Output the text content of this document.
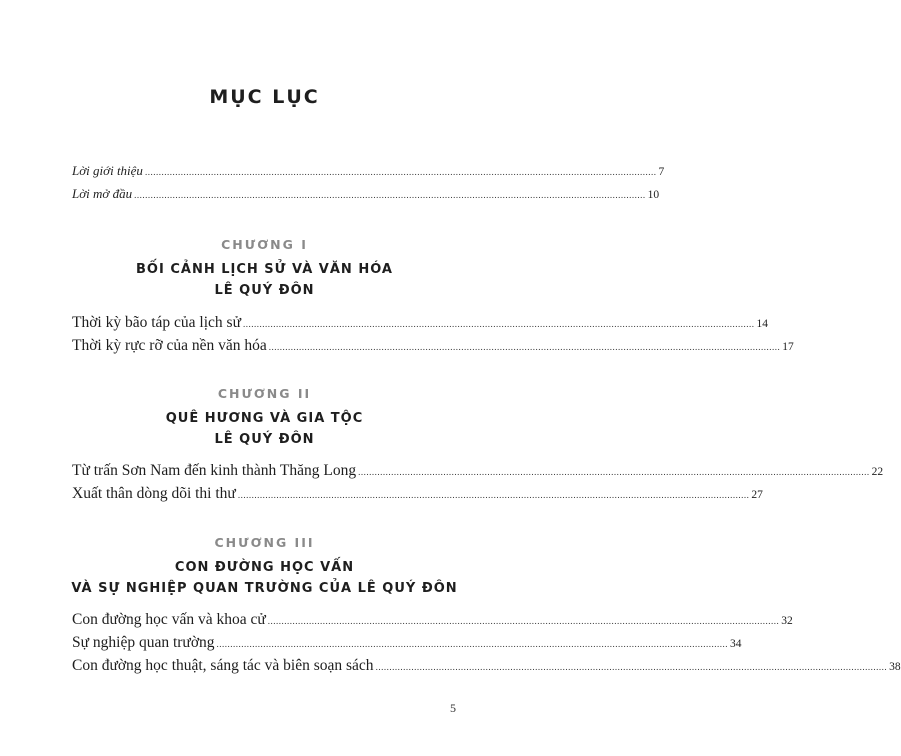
MỤC LỤC
Lời giới thiệu .......................................................................................................................................................................................... 7
Lời mở đầu .......................................................................................................................................................................................... 10
CHƯƠNG I
BỐI CẢNH LỊCH SỬ VÀ VĂN HÓA
LÊ QUÝ ĐÔN
Thời kỳ bão táp của lịch sử .......................................................................................................................................................................................... 14
Thời kỳ rực rỡ của nền văn hóa .......................................................................................................................................................................................... 17
CHƯƠNG II
QUÊ HƯƠNG VÀ GIA TỘC
LÊ QUÝ ĐÔN
Từ trấn Sơn Nam đến kinh thành Thăng Long .......................................................................................................................................................................................... 22
Xuất thân dòng dõi thi thư .......................................................................................................................................................................................... 27
CHƯƠNG III
CON ĐƯỜNG HỌC VẤN
VÀ SỰ NGHIỆP QUAN TRƯỜNG CỦA LÊ QUÝ ĐÔN
Con đường học vấn và khoa cử .......................................................................................................................................................................................... 32
Sự nghiệp quan trường .......................................................................................................................................................................................... 34
Con đường học thuật, sáng tác và biên soạn sách .......................................................................................................................................................................................... 38
5
